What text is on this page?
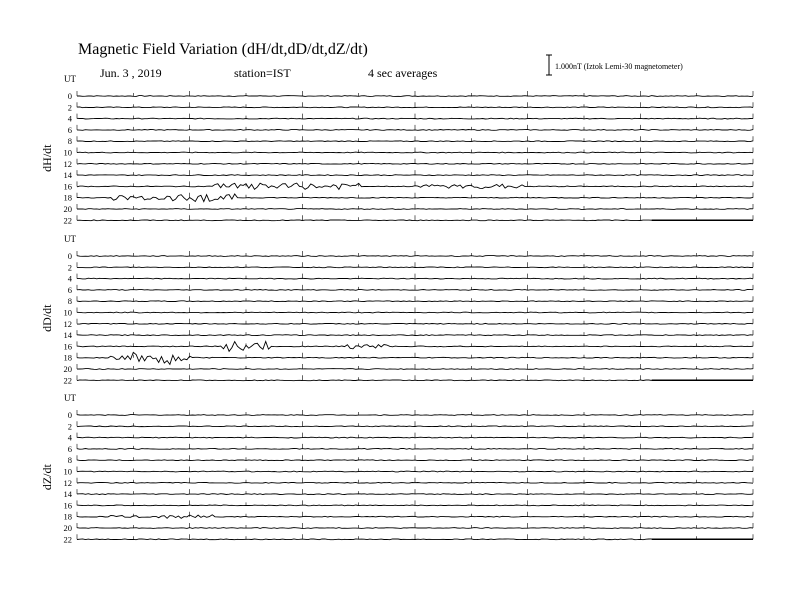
Magnetic Field Variation (dH/dt,dD/dt,dZ/dt)
Jun. 3 , 2019	station=IST	4 sec averages	1.000nT (Iztok Lemi-30 magnetometer)
UT
dH/dt
0
2
4
6
8
10
12
14
16
18
20
22
UT
dD/dt
0
2
4
6
8
10
12
14
16
18
20
22
UT
dZ/dt
0
2
4
6
8
10
12
14
16
18
20
22
